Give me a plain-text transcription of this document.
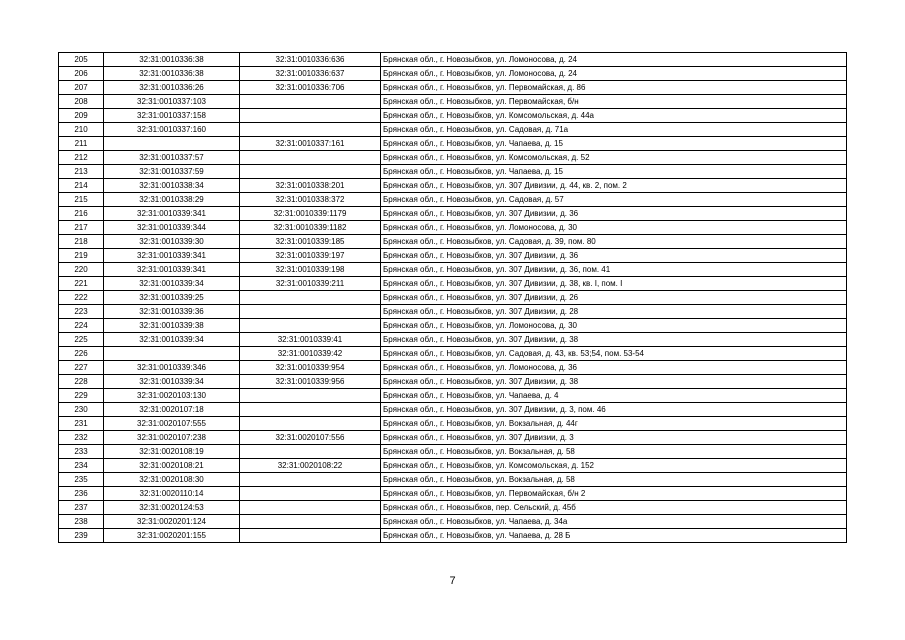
205	32:31:0010336:38	32:31:0010336:636	Брянская обл., г. Новозыбков, ул. Ломоносова, д. 24
206	32:31:0010336:38	32:31:0010336:637	Брянская обл., г. Новозыбков, ул. Ломоносова, д. 24
207	32:31:0010336:26	32:31:0010336:706	Брянская обл., г. Новозыбков, ул. Первомайская, д. 86
208	32:31:0010337:103		Брянская обл., г. Новозыбков, ул. Первомайская, б/н
209	32:31:0010337:158		Брянская обл., г. Новозыбков, ул. Комсомольская, д. 44а
210	32:31:0010337:160		Брянская обл., г. Новозыбков, ул. Садовая, д. 71а
211		32:31:0010337:161	Брянская обл., г. Новозыбков, ул. Чапаева, д. 15
212	32:31:0010337:57		Брянская обл., г. Новозыбков, ул. Комсомольская, д. 52
213	32:31:0010337:59		Брянская обл., г. Новозыбков, ул. Чапаева, д. 15
214	32:31:0010338:34	32:31:0010338:201	Брянская обл., г. Новозыбков, ул. 307 Дивизии, д. 44, кв. 2, пом. 2
215	32:31:0010338:29	32:31:0010338:372	Брянская обл., г. Новозыбков, ул. Садовая, д. 57
216	32:31:0010339:341	32:31:0010339:1179	Брянская обл., г. Новозыбков, ул. 307 Дивизии, д. 36
217	32:31:0010339:344	32:31:0010339:1182	Брянская обл., г. Новозыбков, ул. Ломоносова, д. 30
218	32:31:0010339:30	32:31:0010339:185	Брянская обл., г. Новозыбков, ул. Садовая, д. 39, пом. 80
219	32:31:0010339:341	32:31:0010339:197	Брянская обл., г. Новозыбков, ул. 307 Дивизии, д. 36
220	32:31:0010339:341	32:31:0010339:198	Брянская обл., г. Новозыбков, ул. 307 Дивизии, д. 36, пом. 41
221	32:31:0010339:34	32:31:0010339:211	Брянская обл., г. Новозыбков, ул. 307 Дивизии, д. 38, кв. I, пом. I
222	32:31:0010339:25		Брянская обл., г. Новозыбков, ул. 307 Дивизии, д. 26
223	32:31:0010339:36		Брянская обл., г. Новозыбков, ул. 307 Дивизии, д. 28
224	32:31:0010339:38		Брянская обл., г. Новозыбков, ул. Ломоносова, д. 30
225	32:31:0010339:34	32:31:0010339:41	Брянская обл., г. Новозыбков, ул. 307 Дивизии, д. 38
226		32:31:0010339:42	Брянская обл., г. Новозыбков, ул. Садовая, д. 43, кв. 53;54, пом. 53-54
227	32:31:0010339:346	32:31:0010339:954	Брянская обл., г. Новозыбков, ул. Ломоносова, д. 36
228	32:31:0010339:34	32:31:0010339:956	Брянская обл., г. Новозыбков, ул. 307 Дивизии, д. 38
229	32:31:0020103:130		Брянская обл., г. Новозыбков, ул. Чапаева, д. 4
230	32:31:0020107:18		Брянская обл., г. Новозыбков, ул. 307 Дивизии, д. 3, пом. 46
231	32:31:0020107:555		Брянская обл., г. Новозыбков, ул. Вокзальная, д. 44г
232	32:31:0020107:238	32:31:0020107:556	Брянская обл., г. Новозыбков, ул. 307 Дивизии, д. 3
233	32:31:0020108:19		Брянская обл., г. Новозыбков, ул. Вокзальная, д. 58
234	32:31:0020108:21	32:31:0020108:22	Брянская обл., г. Новозыбков, ул. Комсомольская, д. 152
235	32:31:0020108:30		Брянская обл., г. Новозыбков, ул. Вокзальная, д. 58
236	32:31:0020110:14		Брянская обл., г. Новозыбков, ул. Первомайская, б/н 2
237	32:31:0020124:53		Брянская обл., г. Новозыбков, пер. Сельский, д. 45б
238	32:31:0020201:124		Брянская обл., г. Новозыбков, ул. Чапаева, д. 34а
239	32:31:0020201:155		Брянская обл., г. Новозыбков, ул. Чапаева, д. 28 Б
7
